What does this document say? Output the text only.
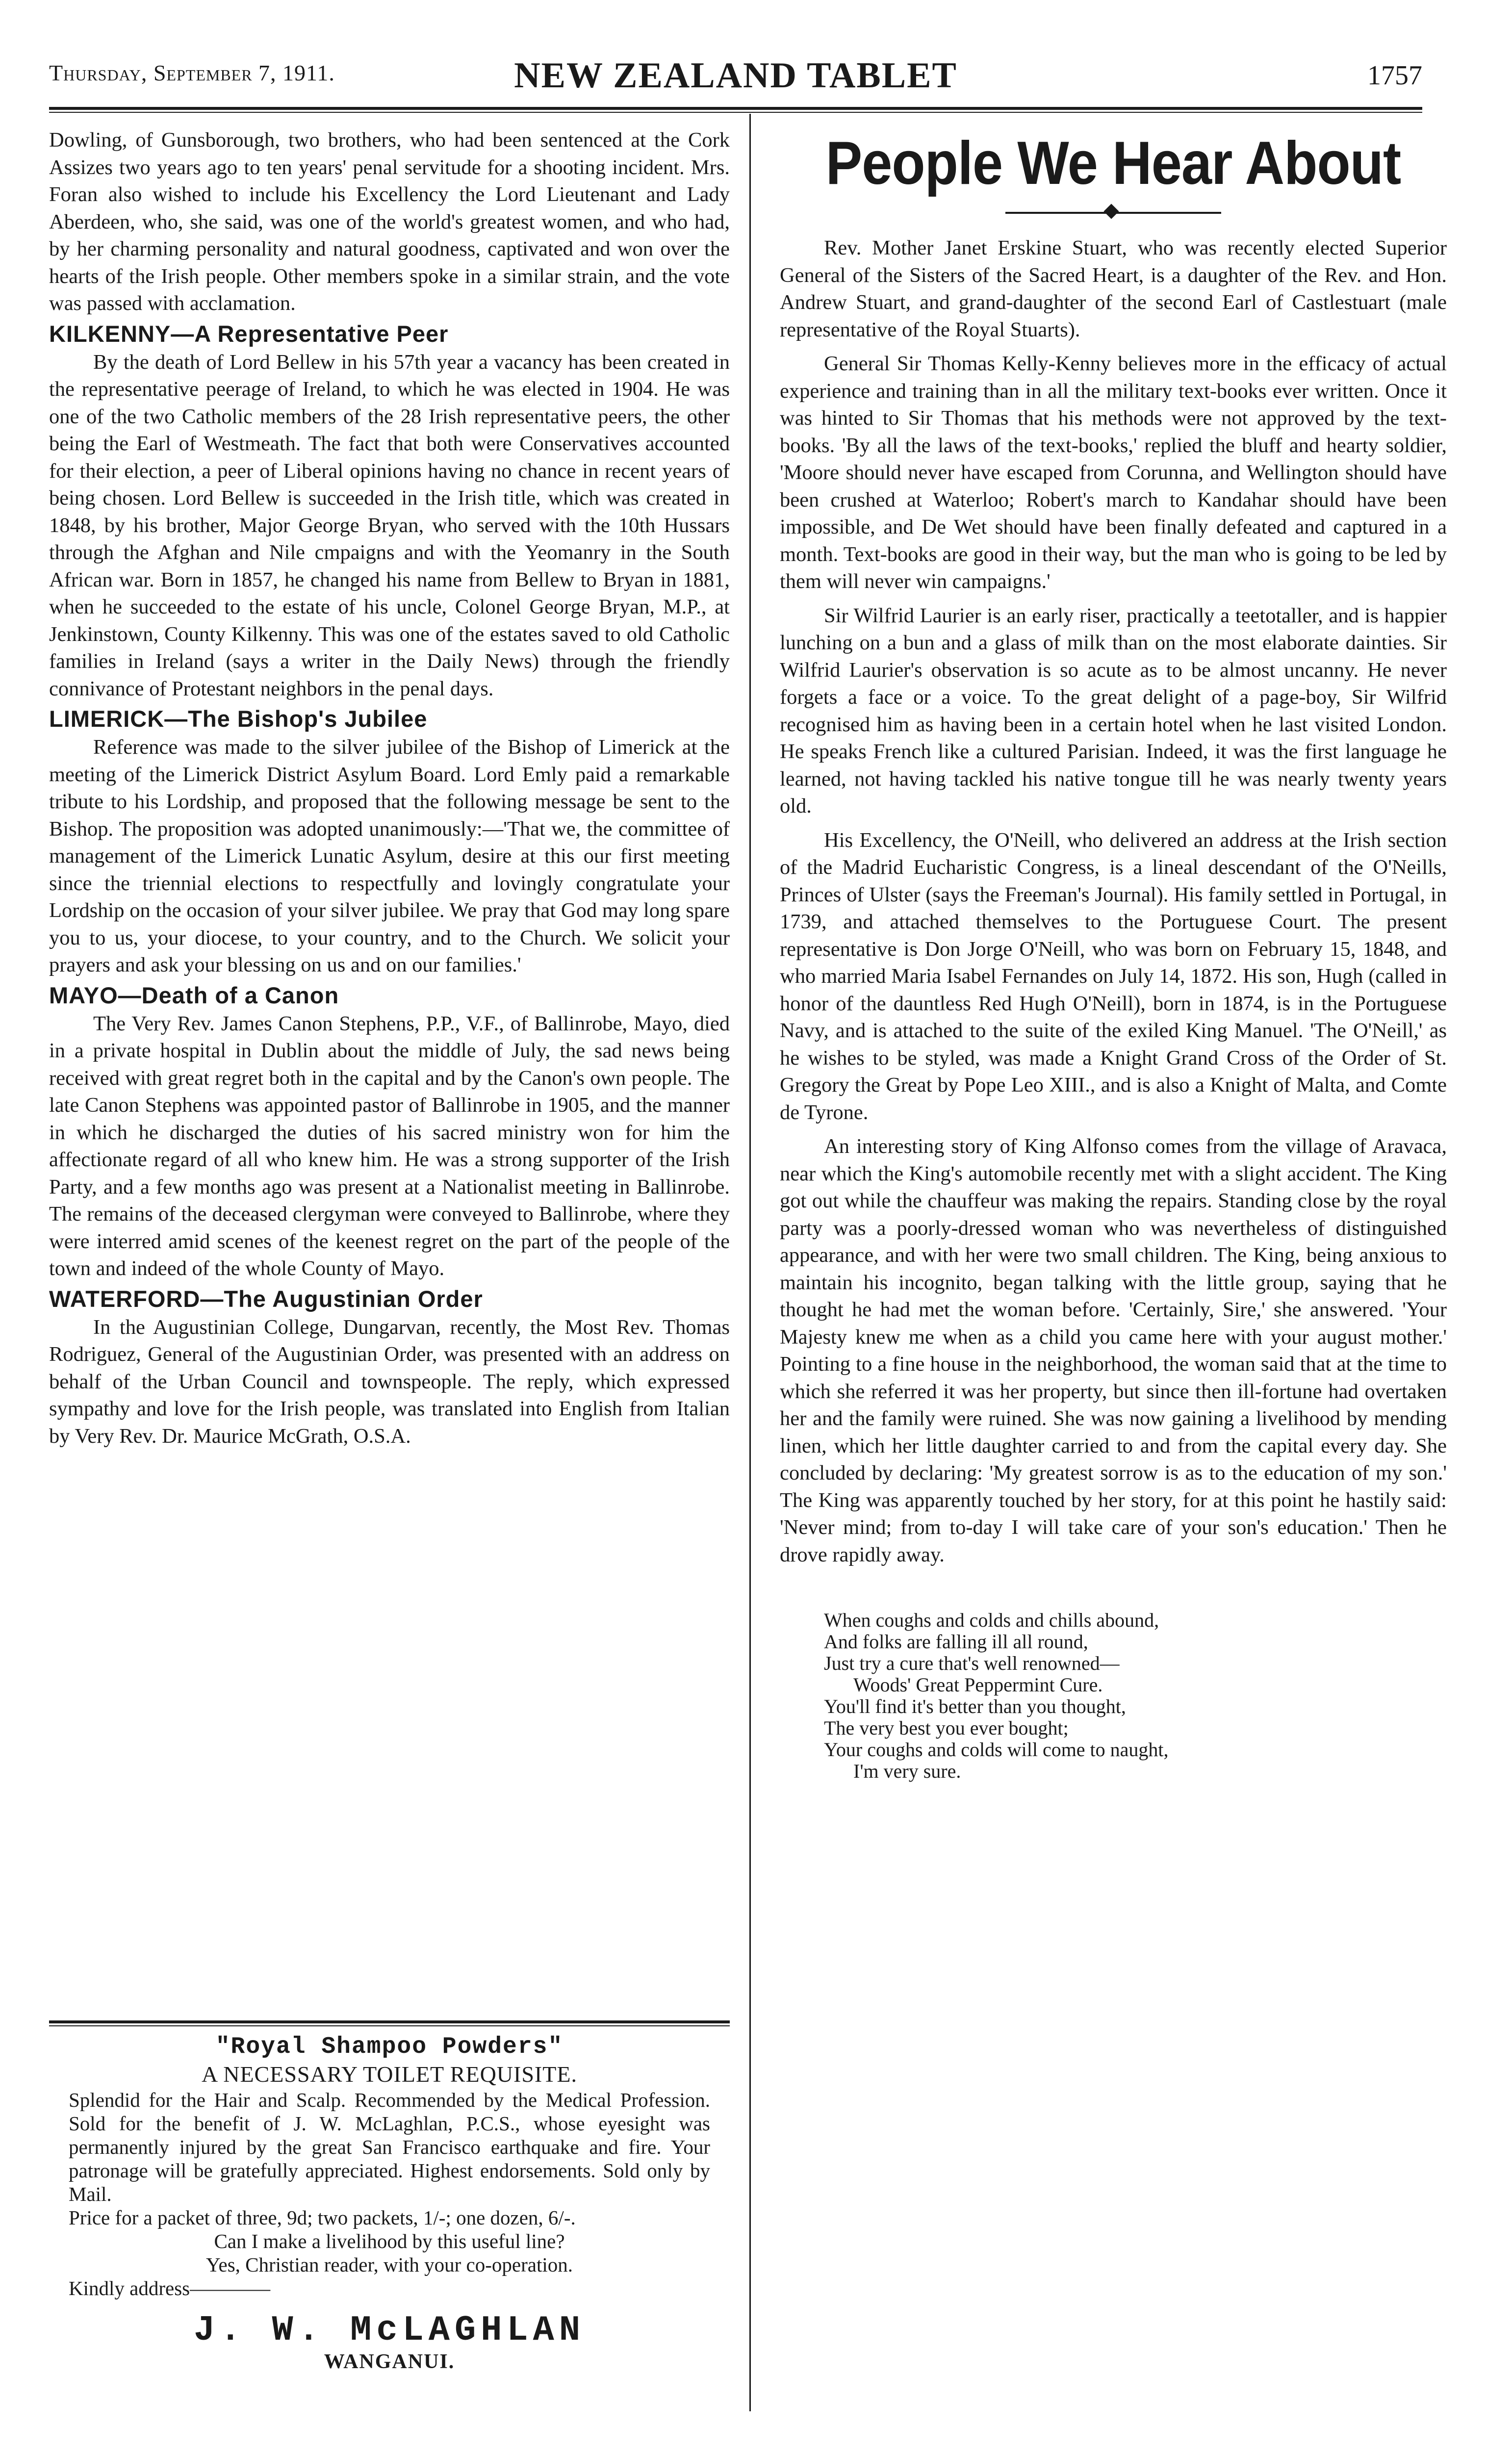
Thursday, September 7, 1911.	NEW ZEALAND TABLET	1757

Dowling, of Gunsborough, two brothers, who had been sentenced at the Cork Assizes two years ago to ten years' penal servitude for a shooting incident. Mrs. Foran also wished to include his Excellency the Lord Lieutenant and Lady Aberdeen, who, she said, was one of the world's greatest women, and who had, by her charming personality and natural goodness, captivated and won over the hearts of the Irish people. Other members spoke in a similar strain, and the vote was passed with acclamation.

KILKENNY—A Representative Peer

By the death of Lord Bellew in his 57th year a vacancy has been created in the representative peerage of Ireland, to which he was elected in 1904. He was one of the two Catholic members of the 28 Irish representative peers, the other being the Earl of Westmeath. The fact that both were Conservatives accounted for their election, a peer of Liberal opinions having no chance in recent years of being chosen. Lord Bellew is succeeded in the Irish title, which was created in 1848, by his brother, Major George Bryan, who served with the 10th Hussars through the Afghan and Nile cmpaigns and with the Yeomanry in the South African war. Born in 1857, he changed his name from Bellew to Bryan in 1881, when he succeeded to the estate of his uncle, Colonel George Bryan, M.P., at Jenkinstown, County Kilkenny. This was one of the estates saved to old Catholic families in Ireland (says a writer in the Daily News) through the friendly connivance of Protestant neighbors in the penal days.

LIMERICK—The Bishop's Jubilee

Reference was made to the silver jubilee of the Bishop of Limerick at the meeting of the Limerick District Asylum Board. Lord Emly paid a remarkable tribute to his Lordship, and proposed that the following message be sent to the Bishop. The proposition was adopted unanimously:—'That we, the committee of management of the Limerick Lunatic Asylum, desire at this our first meeting since the triennial elections to respectfully and lovingly congratulate your Lordship on the occasion of your silver jubilee. We pray that God may long spare you to us, your diocese, to your country, and to the Church. We solicit your prayers and ask your blessing on us and on our families.'

MAYO—Death of a Canon

The Very Rev. James Canon Stephens, P.P., V.F., of Ballinrobe, Mayo, died in a private hospital in Dublin about the middle of July, the sad news being received with great regret both in the capital and by the Canon's own people. The late Canon Stephens was appointed pastor of Ballinrobe in 1905, and the manner in which he discharged the duties of his sacred ministry won for him the affectionate regard of all who knew him. He was a strong supporter of the Irish Party, and a few months ago was present at a Nationalist meeting in Ballinrobe. The remains of the deceased clergyman were conveyed to Ballinrobe, where they were interred amid scenes of the keenest regret on the part of the people of the town and indeed of the whole County of Mayo.

WATERFORD—The Augustinian Order

In the Augustinian College, Dungarvan, recently, the Most Rev. Thomas Rodriguez, General of the Augustinian Order, was presented with an address on behalf of the Urban Council and townspeople. The reply, which expressed sympathy and love for the Irish people, was translated into English from Italian by Very Rev. Dr. Maurice McGrath, O.S.A.

"Royal Shampoo Powders"
A NECESSARY TOILET REQUISITE.
Splendid for the Hair and Scalp. Recommended by the Medical Profession. Sold for the benefit of J. W. McLaghlan, P.C.S., whose eyesight was permanently injured by the great San Francisco earthquake and fire. Your patronage will be gratefully appreciated. Highest endorsements. Sold only by Mail.
Price for a packet of three, 9d; two packets, 1/-; one dozen, 6/-.
Can I make a livelihood by this useful line?
Yes, Christian reader, with your co-operation.
Kindly address————
J. W. McLAGHLAN
WANGANUI.
People We Hear About

Rev. Mother Janet Erskine Stuart, who was recently elected Superior General of the Sisters of the Sacred Heart, is a daughter of the Rev. and Hon. Andrew Stuart, and grand-daughter of the second Earl of Castlestuart (male representative of the Royal Stuarts).

General Sir Thomas Kelly-Kenny believes more in the efficacy of actual experience and training than in all the military text-books ever written. Once it was hinted to Sir Thomas that his methods were not approved by the text-books. 'By all the laws of the text-books,' replied the bluff and hearty soldier, 'Moore should never have escaped from Corunna, and Wellington should have been crushed at Waterloo; Robert's march to Kandahar should have been impossible, and De Wet should have been finally defeated and captured in a month. Text-books are good in their way, but the man who is going to be led by them will never win campaigns.'

Sir Wilfrid Laurier is an early riser, practically a teetotaller, and is happier lunching on a bun and a glass of milk than on the most elaborate dainties. Sir Wilfrid Laurier's observation is so acute as to be almost uncanny. He never forgets a face or a voice. To the great delight of a page-boy, Sir Wilfrid recognised him as having been in a certain hotel when he last visited London. He speaks French like a cultured Parisian. Indeed, it was the first language he learned, not having tackled his native tongue till he was nearly twenty years old.

His Excellency, the O'Neill, who delivered an address at the Irish section of the Madrid Eucharistic Congress, is a lineal descendant of the O'Neills, Princes of Ulster (says the Freeman's Journal). His family settled in Portugal, in 1739, and attached themselves to the Portuguese Court. The present representative is Don Jorge O'Neill, who was born on February 15, 1848, and who married Maria Isabel Fernandes on July 14, 1872. His son, Hugh (called in honor of the dauntless Red Hugh O'Neill), born in 1874, is in the Portuguese Navy, and is attached to the suite of the exiled King Manuel. 'The O'Neill,' as he wishes to be styled, was made a Knight Grand Cross of the Order of St. Gregory the Great by Pope Leo XIII., and is also a Knight of Malta, and Comte de Tyrone.

An interesting story of King Alfonso comes from the village of Aravaca, near which the King's automobile recently met with a slight accident. The King got out while the chauffeur was making the repairs. Standing close by the royal party was a poorly-dressed woman who was nevertheless of distinguished appearance, and with her were two small children. The King, being anxious to maintain his incognito, began talking with the little group, saying that he thought he had met the woman before. 'Certainly, Sire,' she answered. 'Your Majesty knew me when as a child you came here with your august mother.' Pointing to a fine house in the neighborhood, the woman said that at the time to which she referred it was her property, but since then ill-fortune had overtaken her and the family were ruined. She was now gaining a livelihood by mending linen, which her little daughter carried to and from the capital every day. She concluded by declaring: 'My greatest sorrow is as to the education of my son.' The King was apparently touched by her story, for at this point he hastily said: 'Never mind; from to-day I will take care of your son's education.' Then he drove rapidly away.

When coughs and colds and chills abound,
And folks are falling ill all round,
Just try a cure that's well renowned—
Woods' Great Peppermint Cure.
You'll find it's better than you thought,
The very best you ever bought;
Your coughs and colds will come to naught,
I'm very sure.
